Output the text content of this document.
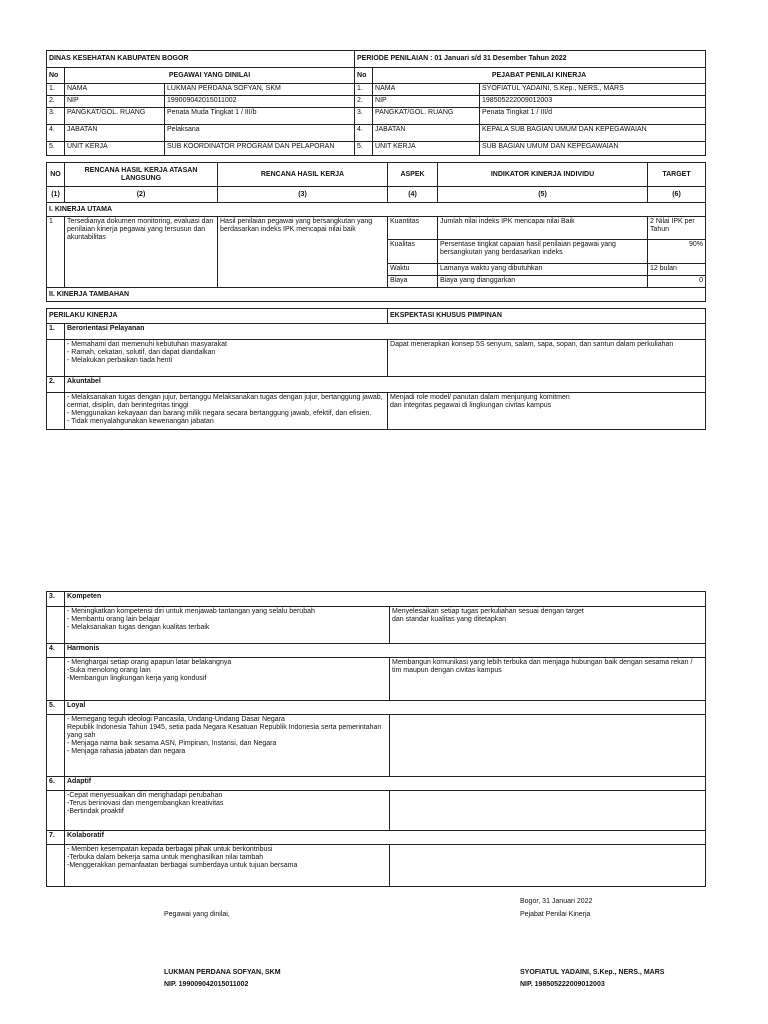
DINAS KESEHATAN KABUPATEN BOGOR			PERIODE PENILAIAN : 01 Januari s/d 31 Desember Tahun 2022		
No	PEGAWAI YANG DINILAI		No	PEJABAT PENILAI KINERJA	
1.	NAMA	LUKMAN PERDANA SOFYAN, SKM	1.	NAMA	SYOFIATUL YADAINI, S.Kep., NERS., MARS
2.	NIP	199009042015011002	2.	NIP	198505222009012003
3.	PANGKAT/GOL. RUANG	Penata Muda Tingkat 1 / III/b	3.	PANGKAT/GOL. RUANG	Penata Tingkat 1 / III/d
4.	JABATAN	Pelaksana	4.	JABATAN	KEPALA SUB BAGIAN UMUM DAN KEPEGAWAIAN
5.	UNIT KERJA	SUB KOORDINATOR PROGRAM DAN PELAPORAN	5.	UNIT KERJA	SUB BAGIAN UMUM DAN KEPEGAWAIAN
NO	RENCANA HASIL KERJA ATASAN LANGSUNG	RENCANA HASIL KERJA	ASPEK	INDIKATOR KINERJA INDIVIDU	TARGET
(1)	(2)	(3)	(4)	(5)	(6)
I. KINERJA UTAMA					
1	Tersedianya dokumen monitoring, evaluasi dan penilaian kinerja pegawai yang tersusun dan akuntabilitas	Hasil penilaian pegawai yang bersangkutan yang berdasarkan indeks IPK mencapai nilai baik	Kuantitas	Jumlah nilai indeks IPK mencapai nilai Baik	2 Nilai IPK per Tahun
			Kualitas	Persentase tingkat capaian hasil penilaian pegawai yang bersangkutan yang berdasarkan indeks	90%
			Waktu	Lamanya waktu yang dibutuhkan	12 bulan
			Biaya	Biaya yang dianggarkan	0
II. KINERJA TAMBAHAN					
PERILAKU KINERJA		EKSPEKTASI KHUSUS PIMPINAN
1.	Berorientasi Pelayanan	
	- Memahami dan memenuhi kebutuhan masyarakat
- Ramah, cekatan, solutif, dan dapat diandalkan
- Melakukan perbaikan tiada henti	Dapat menerapkan konsep 5S senyum, salam, sapa, sopan, dan santun dalam perkuliahan
2.	Akuntabel	
	- Melaksanakan tugas dengan jujur, bertanggu Melaksanakan tugas dengan jujur, bertanggung jawab, cermat, disiplin, dan berintegritas tinggi
- Menggunakan kekayaan dan barang milik negara secara bertanggung jawab, efektif, dan efisien.
- Tidak menyalahgunakan kewenangan jabatan	Menjadi role model/ panutan dalam menjunjung komitmen
dan integritas pegawai di lingkungan civitas kampus
3.	Kompeten	
	- Meningkatkan kompetensi diri untuk menjawab tantangan yang selalu berubah
- Membantu orang lain belajar
- Melaksanakan tugas dengan kualitas terbaik	Menyelesaikan setiap tugas perkuliahan sesuai dengan target
dan standar kualitas yang ditetapkan
4.	Harmonis	
	- Menghargai setiap orang apapun latar belakangnya
-Suka menolong orang lain
-Membangun lingkungan kerja yang kondusif	Membangun komunikasi yang lebih terbuka dan menjaga hubungan baik dengan sesama rekan / tim maupun dengan civitas kampus
5.	Loyal	
	- Memegang teguh ideologi Pancasila, Undang-Undang Dasar Negara
Republik Indonesia Tahun 1945, setia pada Negara Kesatuan Republik Indonesia serta pemerintahan yang sah
- Menjaga nama baik sesama ASN, Pimpinan, Instansi, dan Negara
- Menjaga rahasia jabatan dan negara	
6.	Adaptif	
	-Cepat menyesuaikan diri menghadapi perubahan
-Terus berinovasi dan mengembangkan kreativitas
-Bertindak proaktif	
7.	Kolaboratif	
	- Memberi kesempatan kepada berbagai pihak untuk berkontribusi
-Terbuka dalam bekerja sama untuk menghasilkan nilai tambah
-Menggerakkan pemanfaatan berbagai sumberdaya untuk tujuan bersama	
Bogor, 31 Januari 2022
Pejabat Penilai Kinerja
Pegawai yang dinilai,
LUKMAN PERDANA SOFYAN, SKM
NIP. 199009042015011002
SYOFIATUL YADAINI, S.Kep., NERS., MARS
NIP. 198505222009012003
